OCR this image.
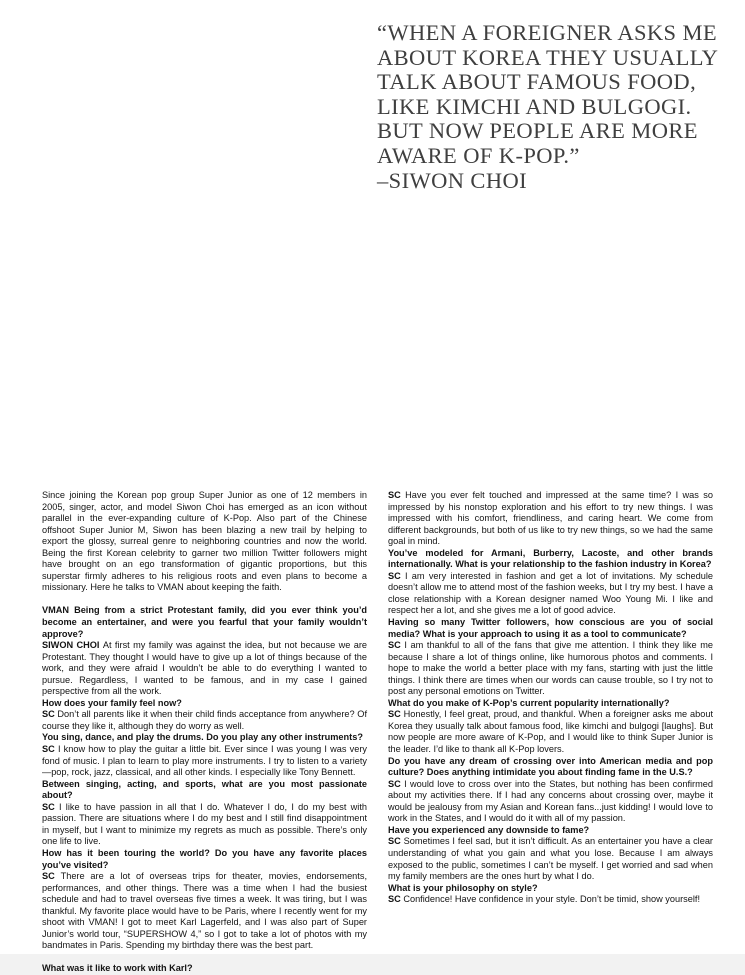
“WHEN A FOREIGNER ASKS ME
ABOUT KOREA THEY USUALLY
TALK ABOUT FAMOUS FOOD,
LIKE KIMCHI AND BULGOGI.
BUT NOW PEOPLE ARE MORE
AWARE OF K-POP.”
–SIWON CHOI

Since joining the Korean pop group Super Junior as one of 12 members in 2005, singer, actor, and model Siwon Choi has emerged as an icon without parallel in the ever-expanding culture of K-Pop. Also part of the Chinese offshoot Super Junior M, Siwon has been blazing a new trail by helping to export the glossy, surreal genre to neighboring countries and now the world. Being the first Korean celebrity to garner two million Twitter followers might have brought on an ego transformation of gigantic proportions, but this superstar firmly adheres to his religious roots and even plans to become a missionary. Here he talks to VMAN about keeping the faith.

VMAN Being from a strict Protestant family, did you ever think you’d become an entertainer, and were you fearful that your family wouldn’t approve?

SIWON CHOI At first my family was against the idea, but not because we are Protestant. They thought I would have to give up a lot of things because of the work, and they were afraid I wouldn’t be able to do everything I wanted to pursue. Regardless, I wanted to be famous, and in my case I gained perspective from all the work.

How does your family feel now?

SC Don’t all parents like it when their child finds acceptance from anywhere? Of course they like it, although they do worry as well.

You sing, dance, and play the drums. Do you play any other instruments?

SC I know how to play the guitar a little bit. Ever since I was young I was very fond of music. I plan to learn to play more instruments. I try to listen to a variety—pop, rock, jazz, classical, and all other kinds. I especially like Tony Bennett.

Between singing, acting, and sports, what are you most passionate about?

SC I like to have passion in all that I do. Whatever I do, I do my best with passion. There are situations where I do my best and I still find disappointment in myself, but I want to minimize my regrets as much as possible. There’s only one life to live.

How has it been touring the world? Do you have any favorite places you’ve visited?

SC There are a lot of overseas trips for theater, movies, endorsements, performances, and other things. There was a time when I had the busiest schedule and had to travel overseas five times a week. It was tiring, but I was thankful. My favorite place would have to be Paris, where I recently went for my shoot with VMAN! I got to meet Karl Lagerfeld, and I was also part of Super Junior’s world tour, “SUPERSHOW 4,” so I got to take a lot of photos with my bandmates in Paris. Spending my birthday there was the best part.

What was it like to work with Karl?

SC Have you ever felt touched and impressed at the same time? I was so impressed by his nonstop exploration and his effort to try new things. I was impressed with his comfort, friendliness, and caring heart. We come from different backgrounds, but both of us like to try new things, so we had the same goal in mind.

You’ve modeled for Armani, Burberry, Lacoste, and other brands internationally. What is your relationship to the fashion industry in Korea?

SC I am very interested in fashion and get a lot of invitations. My schedule doesn’t allow me to attend most of the fashion weeks, but I try my best. I have a close relationship with a Korean designer named Woo Young Mi. I like and respect her a lot, and she gives me a lot of good advice.

Having so many Twitter followers, how conscious are you of social media? What is your approach to using it as a tool to communicate?

SC I am thankful to all of the fans that give me attention. I think they like me because I share a lot of things online, like humorous photos and comments. I hope to make the world a better place with my fans, starting with just the little things. I think there are times when our words can cause trouble, so I try not to post any personal emotions on Twitter.

What do you make of K-Pop’s current popularity internationally?

SC Honestly, I feel great, proud, and thankful. When a foreigner asks me about Korea they usually talk about famous food, like kimchi and bulgogi [laughs]. But now people are more aware of K-Pop, and I would like to think Super Junior is the leader. I’d like to thank all K-Pop lovers.

Do you have any dream of crossing over into American media and pop culture? Does anything intimidate you about finding fame in the U.S.?

SC I would love to cross over into the States, but nothing has been confirmed about my activities there. If I had any concerns about crossing over, maybe it would be jealousy from my Asian and Korean fans...just kidding! I would love to work in the States, and I would do it with all of my passion.

Have you experienced any downside to fame?

SC Sometimes I feel sad, but it isn’t difficult. As an entertainer you have a clear understanding of what you gain and what you lose. Because I am always exposed to the public, sometimes I can’t be myself. I get worried and sad when my family members are the ones hurt by what I do.

What is your philosophy on style?

SC Confidence! Have confidence in your style. Don’t be timid, show yourself!
